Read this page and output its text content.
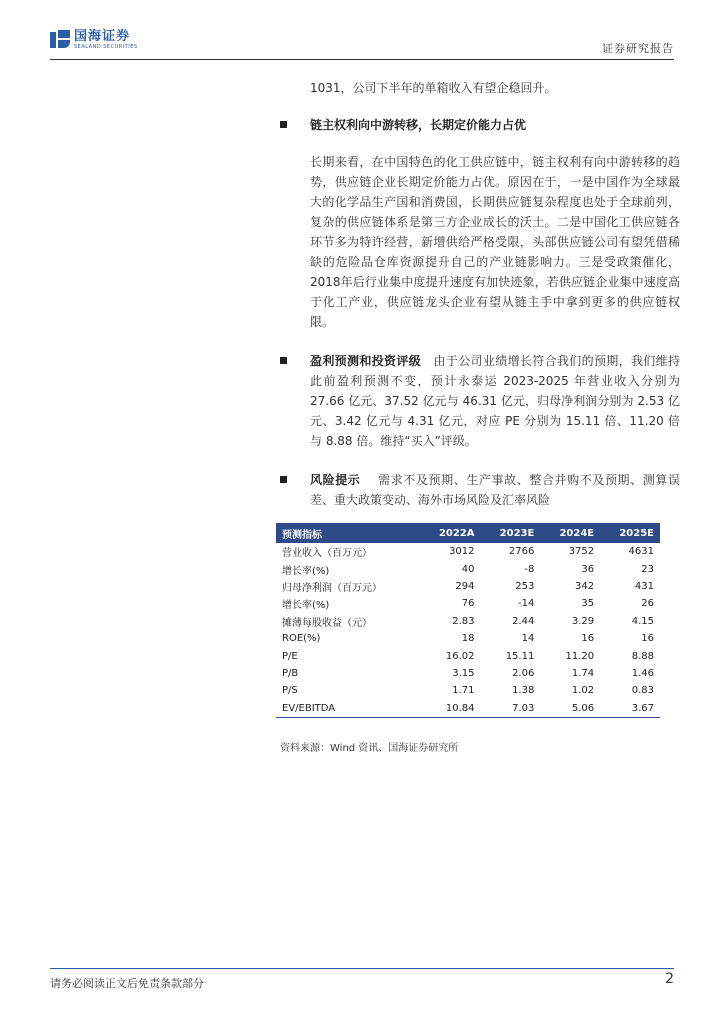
国海证券
SEALAND SECURITIES	证券研究报告

1031，公司下半年的单箱收入有望企稳回升。

链主权利向中游转移，长期定价能力占优

长期来看，在中国特色的化工供应链中，链主权利有向中游转移的趋势，供应链企业长期定价能力占优。原因在于，一是中国作为全球最大的化学品生产国和消费国，长期供应链复杂程度也处于全球前列，复杂的供应链体系是第三方企业成长的沃土。二是中国化工供应链各环节多为特许经营，新增供给严格受限，头部供应链公司有望凭借稀缺的危险品仓库资源提升自己的产业链影响力。三是受政策催化，2018年后行业集中度提升速度有加快迹象，若供应链企业集中速度高于化工产业，供应链龙头企业有望从链主手中拿到更多的供应链权限。

盈利预测和投资评级 由于公司业绩增长符合我们的预期，我们维持此前盈利预测不变，预计永泰运 2023-2025 年营业收入分别为 27.66 亿元、37.52 亿元与 46.31 亿元，归母净利润分别为 2.53 亿元、3.42 亿元与 4.31 亿元，对应 PE 分别为 15.11 倍、11.20 倍与 8.88 倍。维持“买入”评级。

风险提示 需求不及预期、生产事故、整合并购不及预期、测算误差、重大政策变动、海外市场风险及汇率风险

预测指标	2022A	2023E	2024E	2025E
营业收入（百万元）	3012	2766	3752	4631
增长率(%)	40	-8	36	23
归母净利润（百万元）	294	253	342	431
增长率(%)	76	-14	35	26
摊薄每股收益（元）	2.83	2.44	3.29	4.15
ROE(%)	18	14	16	16
P/E	16.02	15.11	11.20	8.88
P/B	3.15	2.06	1.74	1.46
P/S	1.71	1.38	1.02	0.83
EV/EBITDA	10.84	7.03	5.06	3.67
资料来源：Wind 资讯、国海证券研究所
请务必阅读正文后免责条款部分	2
